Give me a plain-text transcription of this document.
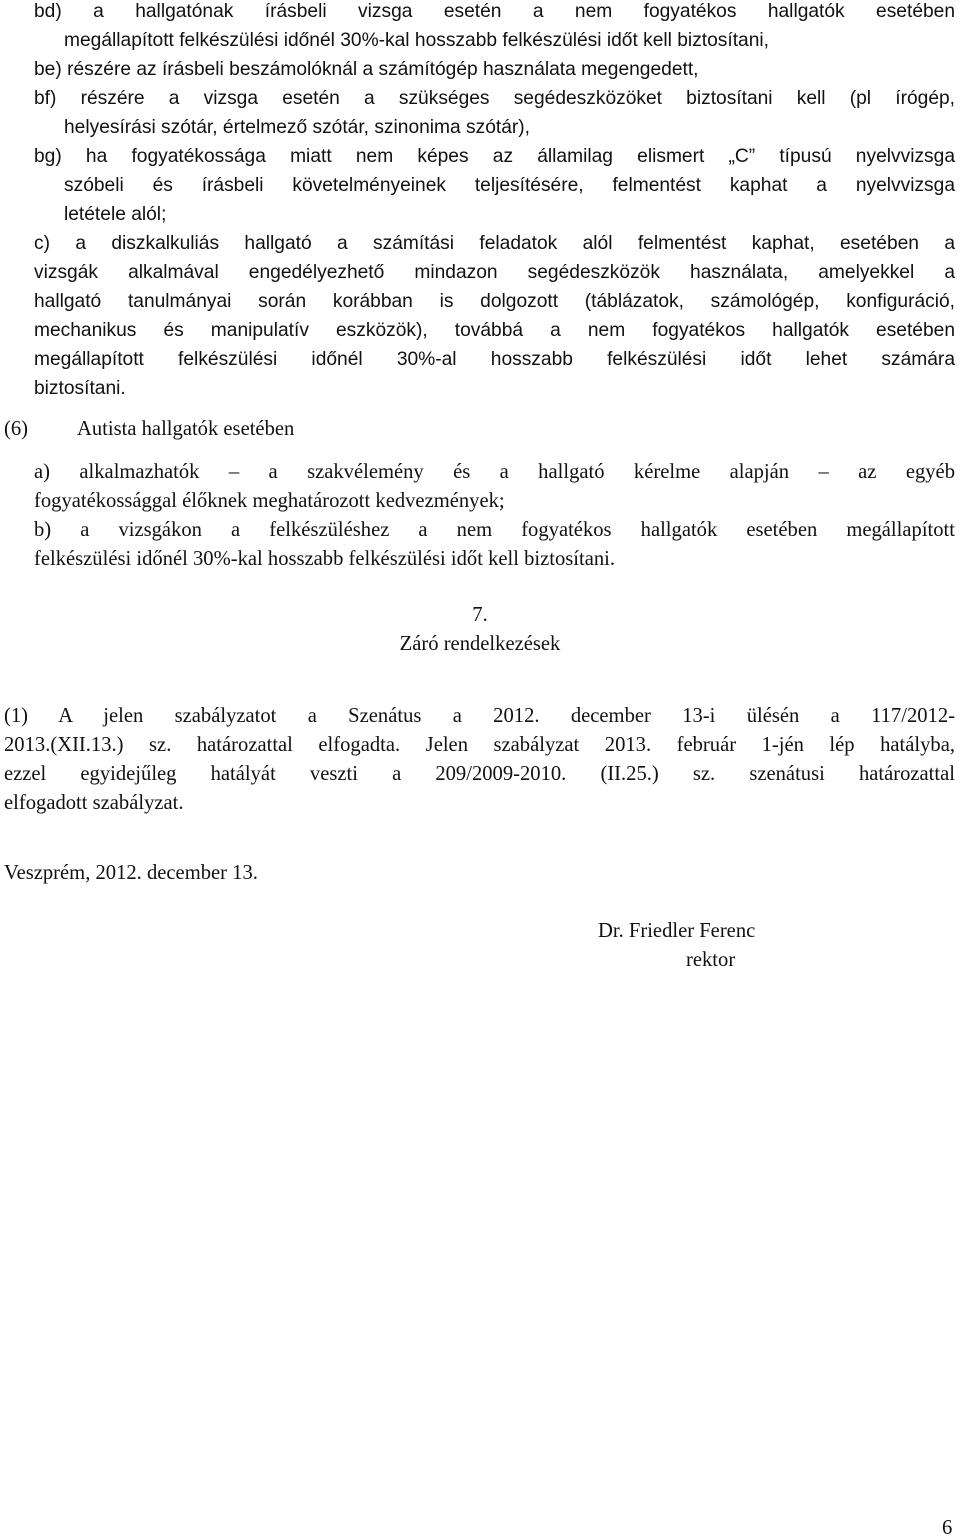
bd) a hallgatónak írásbeli vizsga esetén a nem fogyatékos hallgatók esetében

megállapított felkészülési időnél 30%-kal hosszabb felkészülési időt kell biztosítani,

be) részére az írásbeli beszámolóknál a számítógép használata megengedett,

bf) részére a vizsga esetén a szükséges segédeszközöket biztosítani kell (pl írógép,

helyesírási szótár, értelmező szótár, szinonima szótár),

bg) ha fogyatékossága miatt nem képes az államilag elismert „C” típusú nyelvvizsga

szóbeli és írásbeli követelményeinek teljesítésére, felmentést kaphat a nyelvvizsga

letétele alól;

c) a diszkalkuliás hallgató a számítási feladatok alól felmentést kaphat, esetében a

vizsgák alkalmával engedélyezhető mindazon segédeszközök használata, amelyekkel a

hallgató tanulmányai során korábban is dolgozott (táblázatok, számológép, konfiguráció,

mechanikus és manipulatív eszközök), továbbá a nem fogyatékos hallgatók esetében

megállapított felkészülési időnél 30%-al hosszabb felkészülési időt lehet számára

biztosítani.

(6) Autista hallgatók esetében

a) alkalmazhatók – a szakvélemény és a hallgató kérelme alapján – az egyéb

fogyatékossággal élőknek meghatározott kedvezmények;

b) a vizsgákon a felkészüléshez a nem fogyatékos hallgatók esetében megállapított

felkészülési időnél 30%-kal hosszabb felkészülési időt kell biztosítani.

7.

Záró rendelkezések

(1) A jelen szabályzatot a Szenátus a 2012. december 13-i ülésén a 117/2012-

2013.(XII.13.) sz. határozattal elfogadta. Jelen szabályzat 2013. február 1-jén lép hatályba,

ezzel egyidejűleg hatályát veszti a 209/2009-2010. (II.25.) sz. szenátusi határozattal

elfogadott szabályzat.

Veszprém, 2012. december 13.

Dr. Friedler Ferenc

rektor

6
